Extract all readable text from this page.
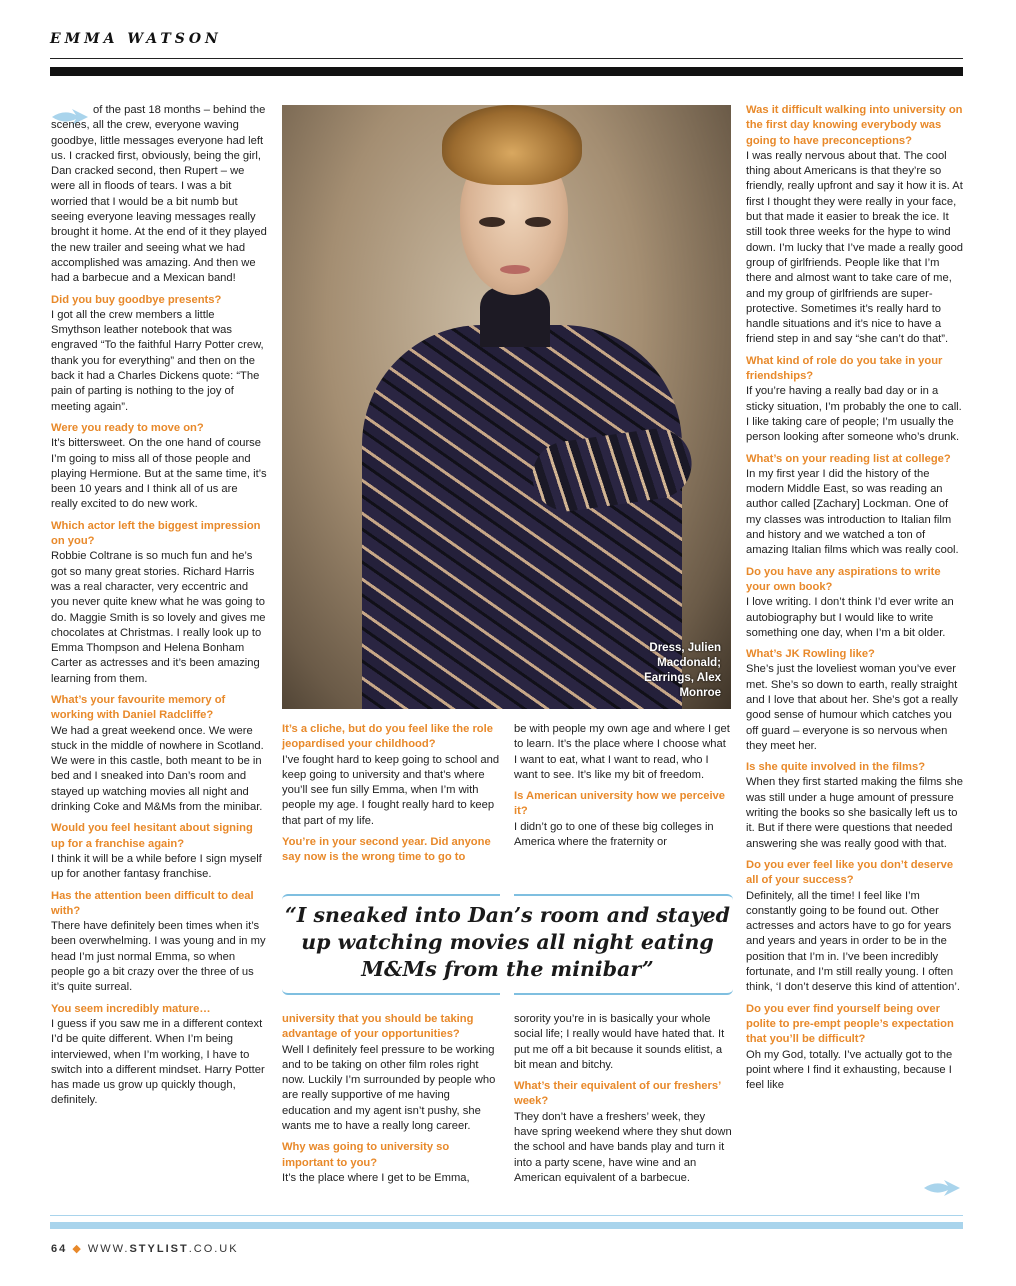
EMMA WATSON

of the past 18 months – behind the scenes, all the crew, everyone waving goodbye, little messages everyone had left us. I cracked first, obviously, being the girl, Dan cracked second, then Rupert – we were all in floods of tears. I was a bit worried that I would be a bit numb but seeing everyone leaving messages really brought it home. At the end of it they played the new trailer and seeing what we had accomplished was amazing. And then we had a barbecue and a Mexican band!

Did you buy goodbye presents?

I got all the crew members a little Smythson leather notebook that was engraved “To the faithful Harry Potter crew, thank you for everything” and then on the back it had a Charles Dickens quote: “The pain of parting is nothing to the joy of meeting again”.

Were you ready to move on?

It’s bittersweet. On the one hand of course I’m going to miss all of those people and playing Hermione. But at the same time, it’s been 10 years and I think all of us are really excited to do new work.

Which actor left the biggest impression on you?

Robbie Coltrane is so much fun and he’s got so many great stories. Richard Harris was a real character, very eccentric and you never quite knew what he was going to do. Maggie Smith is so lovely and gives me chocolates at Christmas. I really look up to Emma Thompson and Helena Bonham Carter as actresses and it’s been amazing learning from them.

What’s your favourite memory of working with Daniel Radcliffe?

We had a great weekend once. We were stuck in the middle of nowhere in Scotland. We were in this castle, both meant to be in bed and I sneaked into Dan’s room and stayed up watching movies all night and drinking Coke and M&Ms from the minibar.

Would you feel hesitant about signing up for a franchise again?

I think it will be a while before I sign myself up for another fantasy franchise.

Has the attention been difficult to deal with?

There have definitely been times when it’s been overwhelming. I was young and in my head I’m just normal Emma, so when people go a bit crazy over the three of us it’s quite surreal.

You seem incredibly mature…

I guess if you saw me in a different context I’d be quite different. When I’m being interviewed, when I’m working, I have to switch into a different mindset. Harry Potter has made us grow up quickly though, definitely.

Dress, Julien Macdonald; Earrings, Alex Monroe

It’s a cliche, but do you feel like the role jeopardised your childhood?

I’ve fought hard to keep going to school and keep going to university and that’s where you’ll see fun silly Emma, when I’m with people my age. I fought really hard to keep that part of my life.

You’re in your second year. Did anyone say now is the wrong time to go to

be with people my own age and where I get to learn. It’s the place where I choose what I want to eat, what I want to read, who I want to see. It’s like my bit of freedom.

Is American university how we perceive it?

I didn’t go to one of these big colleges in America where the fraternity or

“I sneaked into Dan’s room and stayed up watching movies all night eating M&Ms from the minibar”

university that you should be taking advantage of your opportunities?

Well I definitely feel pressure to be working and to be taking on other film roles right now. Luckily I’m surrounded by people who are really supportive of me having education and my agent isn’t pushy, she wants me to have a really long career.

Why was going to university so important to you?

It’s the place where I get to be Emma,

sorority you’re in is basically your whole social life; I really would have hated that. It put me off a bit because it sounds elitist, a bit mean and bitchy.

What’s their equivalent of our freshers’ week?

They don’t have a freshers’ week, they have spring weekend where they shut down the school and have bands play and turn it into a party scene, have wine and an American equivalent of a barbecue.

Was it difficult walking into university on the first day knowing everybody was going to have preconceptions?

I was really nervous about that. The cool thing about Americans is that they’re so friendly, really upfront and say it how it is. At first I thought they were really in your face, but that made it easier to break the ice. It still took three weeks for the hype to wind down. I’m lucky that I’ve made a really good group of girlfriends. People like that I’m there and almost want to take care of me, and my group of girlfriends are super-protective. Sometimes it’s really hard to handle situations and it’s nice to have a friend step in and say “she can’t do that”.

What kind of role do you take in your friendships?

If you’re having a really bad day or in a sticky situation, I’m probably the one to call. I like taking care of people; I’m usually the person looking after someone who’s drunk.

What’s on your reading list at college?

In my first year I did the history of the modern Middle East, so was reading an author called [Zachary] Lockman. One of my classes was introduction to Italian film and history and we watched a ton of amazing Italian films which was really cool.

Do you have any aspirations to write your own book?

I love writing. I don’t think I’d ever write an autobiography but I would like to write something one day, when I’m a bit older.

What’s JK Rowling like?

She’s just the loveliest woman you’ve ever met. She’s so down to earth, really straight and I love that about her. She’s got a really good sense of humour which catches you off guard – everyone is so nervous when they meet her.

Is she quite involved in the films?

When they first started making the films she was still under a huge amount of pressure writing the books so she basically left us to it. But if there were questions that needed answering she was really good with that.

Do you ever feel like you don’t deserve all of your success?

Definitely, all the time! I feel like I’m constantly going to be found out. Other actresses and actors have to go for years and years and years in order to be in the position that I’m in. I’ve been incredibly fortunate, and I’m still really young. I often think, ‘I don’t deserve this kind of attention’.

Do you ever find yourself being over polite to pre-empt people’s expectation that you’ll be difficult?

Oh my God, totally. I’ve actually got to the point where I find it exhausting, because I feel like

64 ◆ WWW.STYLIST.CO.UK
